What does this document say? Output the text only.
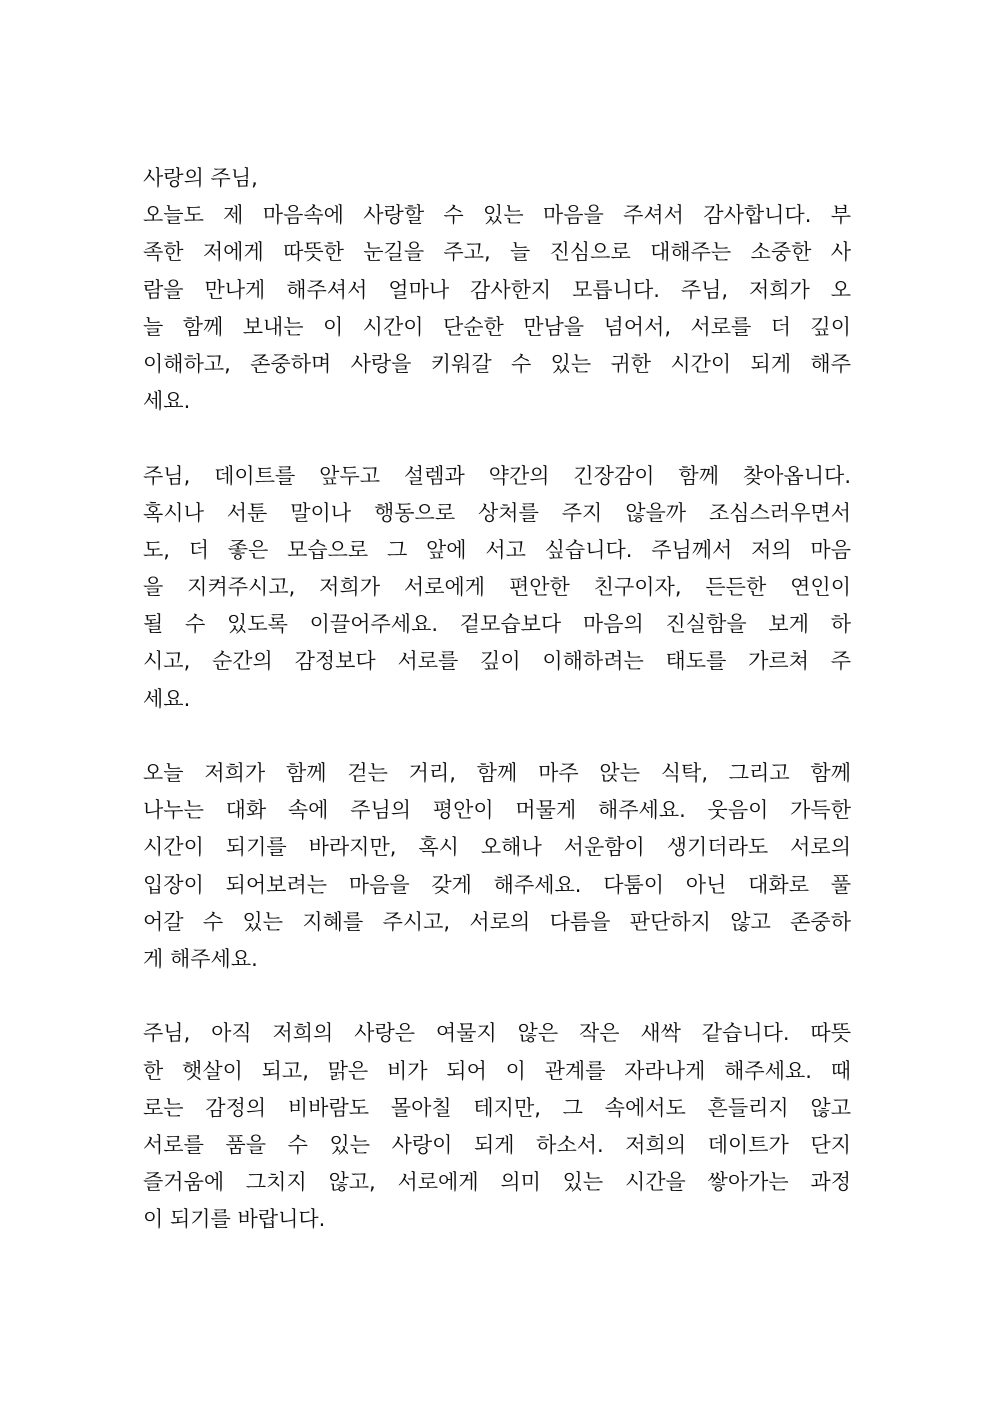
사랑의 주님,
오늘도 제 마음속에 사랑할 수 있는 마음을 주셔서 감사합니다. 부
족한 저에게 따뜻한 눈길을 주고, 늘 진심으로 대해주는 소중한 사
람을 만나게 해주셔서 얼마나 감사한지 모릅니다. 주님, 저희가 오
늘 함께 보내는 이 시간이 단순한 만남을 넘어서, 서로를 더 깊이
이해하고, 존중하며 사랑을 키워갈 수 있는 귀한 시간이 되게 해주
세요.
주님, 데이트를 앞두고 설렘과 약간의 긴장감이 함께 찾아옵니다.
혹시나 서툰 말이나 행동으로 상처를 주지 않을까 조심스러우면서
도, 더 좋은 모습으로 그 앞에 서고 싶습니다. 주님께서 저의 마음
을 지켜주시고, 저희가 서로에게 편안한 친구이자, 든든한 연인이
될 수 있도록 이끌어주세요. 겉모습보다 마음의 진실함을 보게 하
시고, 순간의 감정보다 서로를 깊이 이해하려는 태도를 가르쳐 주
세요.
오늘 저희가 함께 걷는 거리, 함께 마주 앉는 식탁, 그리고 함께
나누는 대화 속에 주님의 평안이 머물게 해주세요. 웃음이 가득한
시간이 되기를 바라지만, 혹시 오해나 서운함이 생기더라도 서로의
입장이 되어보려는 마음을 갖게 해주세요. 다툼이 아닌 대화로 풀
어갈 수 있는 지혜를 주시고, 서로의 다름을 판단하지 않고 존중하
게 해주세요.
주님, 아직 저희의 사랑은 여물지 않은 작은 새싹 같습니다. 따뜻
한 햇살이 되고, 맑은 비가 되어 이 관계를 자라나게 해주세요. 때
로는 감정의 비바람도 몰아칠 테지만, 그 속에서도 흔들리지 않고
서로를 품을 수 있는 사랑이 되게 하소서. 저희의 데이트가 단지
즐거움에 그치지 않고, 서로에게 의미 있는 시간을 쌓아가는 과정
이 되기를 바랍니다.
